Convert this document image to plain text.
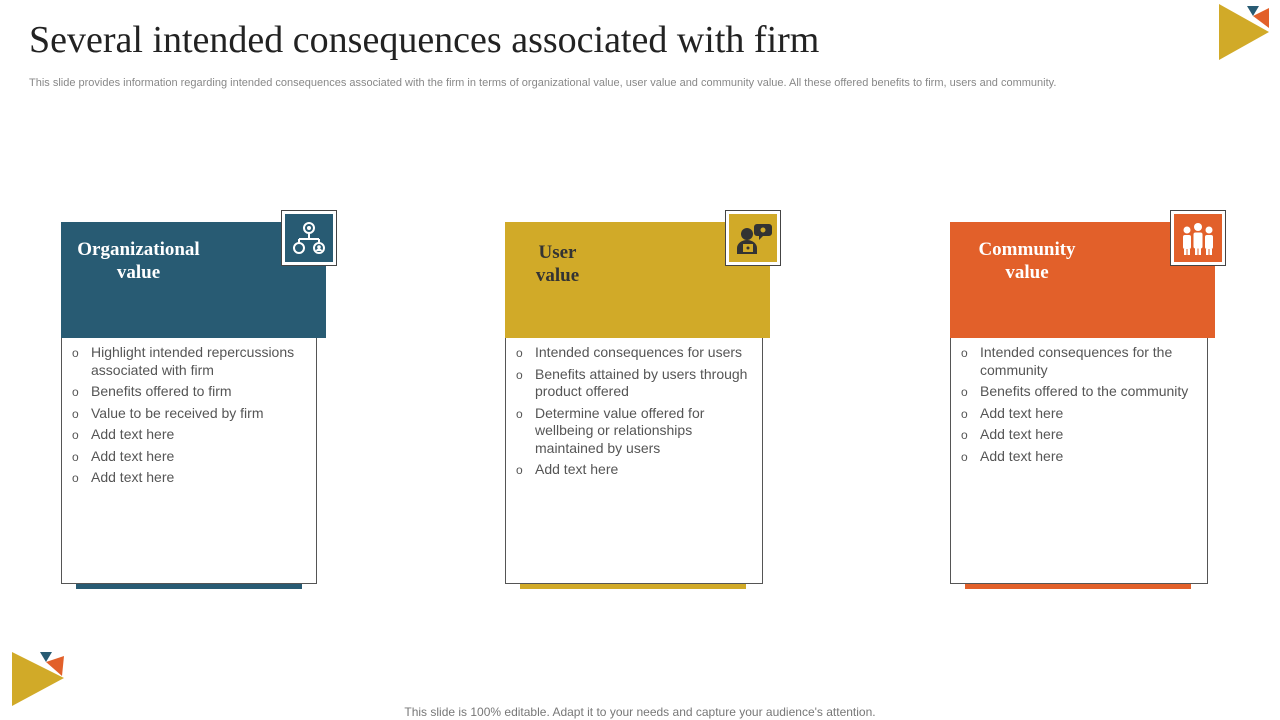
Several intended consequences associated with firm
This slide provides information regarding intended consequences associated with the firm in terms of organizational value, user value and community value. All these offered benefits to firm, users and community.
Organizational
value
o Highlight intended repercussions associated with firm
o Benefits offered to firm
o Value to be received by firm
o Add text here
o Add text here
o Add text here
User
value
o Intended consequences for users
o Benefits attained by users through product offered
o Determine value offered for wellbeing or relationships maintained by users
o Add text here
Community
value
o Intended consequences for the community
o Benefits offered to the community
o Add text here
o Add text here
o Add text here
This slide is 100% editable. Adapt it to your needs and capture your audience's attention.
